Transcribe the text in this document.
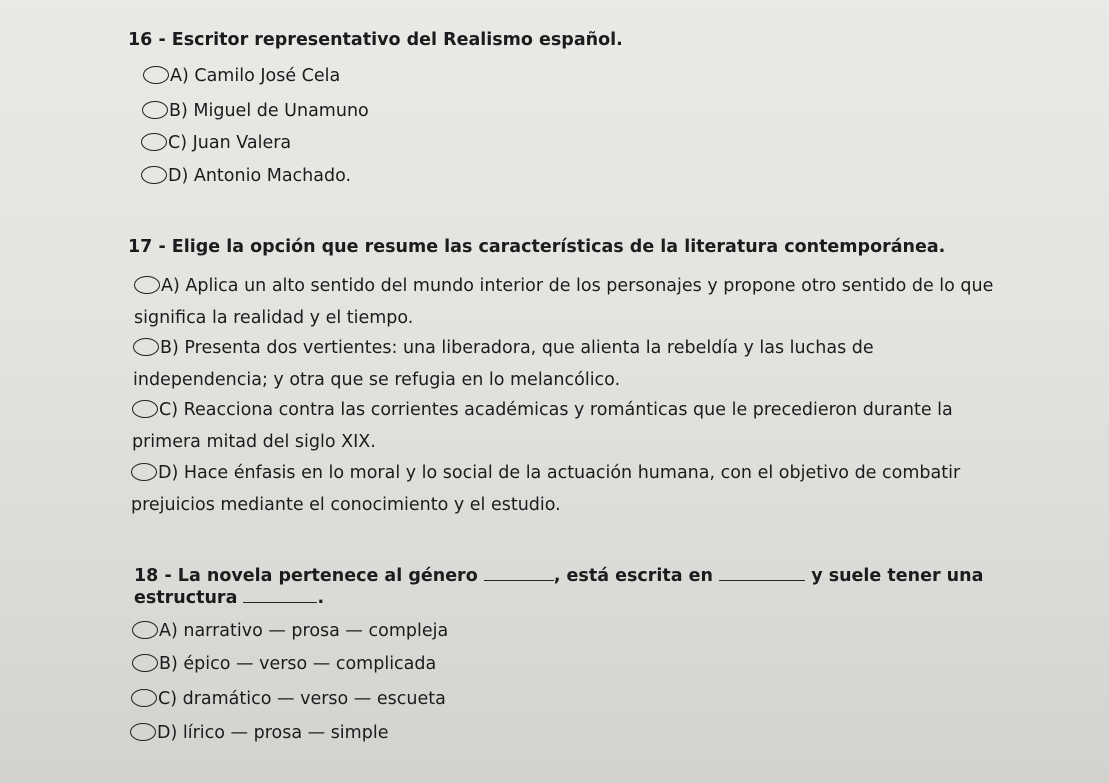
16 - Escritor representativo del Realismo español.
A) Camilo José Cela
B) Miguel de Unamuno
C) Juan Valera
D) Antonio Machado.
17 - Elige la opción que resume las características de la literatura contemporánea.
A) Aplica un alto sentido del mundo interior de los personajes y propone otro sentido de lo que significa la realidad y el tiempo.
B) Presenta dos vertientes: una liberadora, que alienta la rebeldía y las luchas de independencia; y otra que se refugia en lo melancólico.
C) Reacciona contra las corrientes académicas y románticas que le precedieron durante la primera mitad del siglo XIX.
D) Hace énfasis en lo moral y lo social de la actuación humana, con el objetivo de combatir prejuicios mediante el conocimiento y el estudio.
18 - La novela pertenece al género	, está escrita en	y suele tener una
estructura	.
A) narrativo — prosa — compleja
B) épico — verso — complicada
C) dramático — verso — escueta
D) lírico — prosa — simple
